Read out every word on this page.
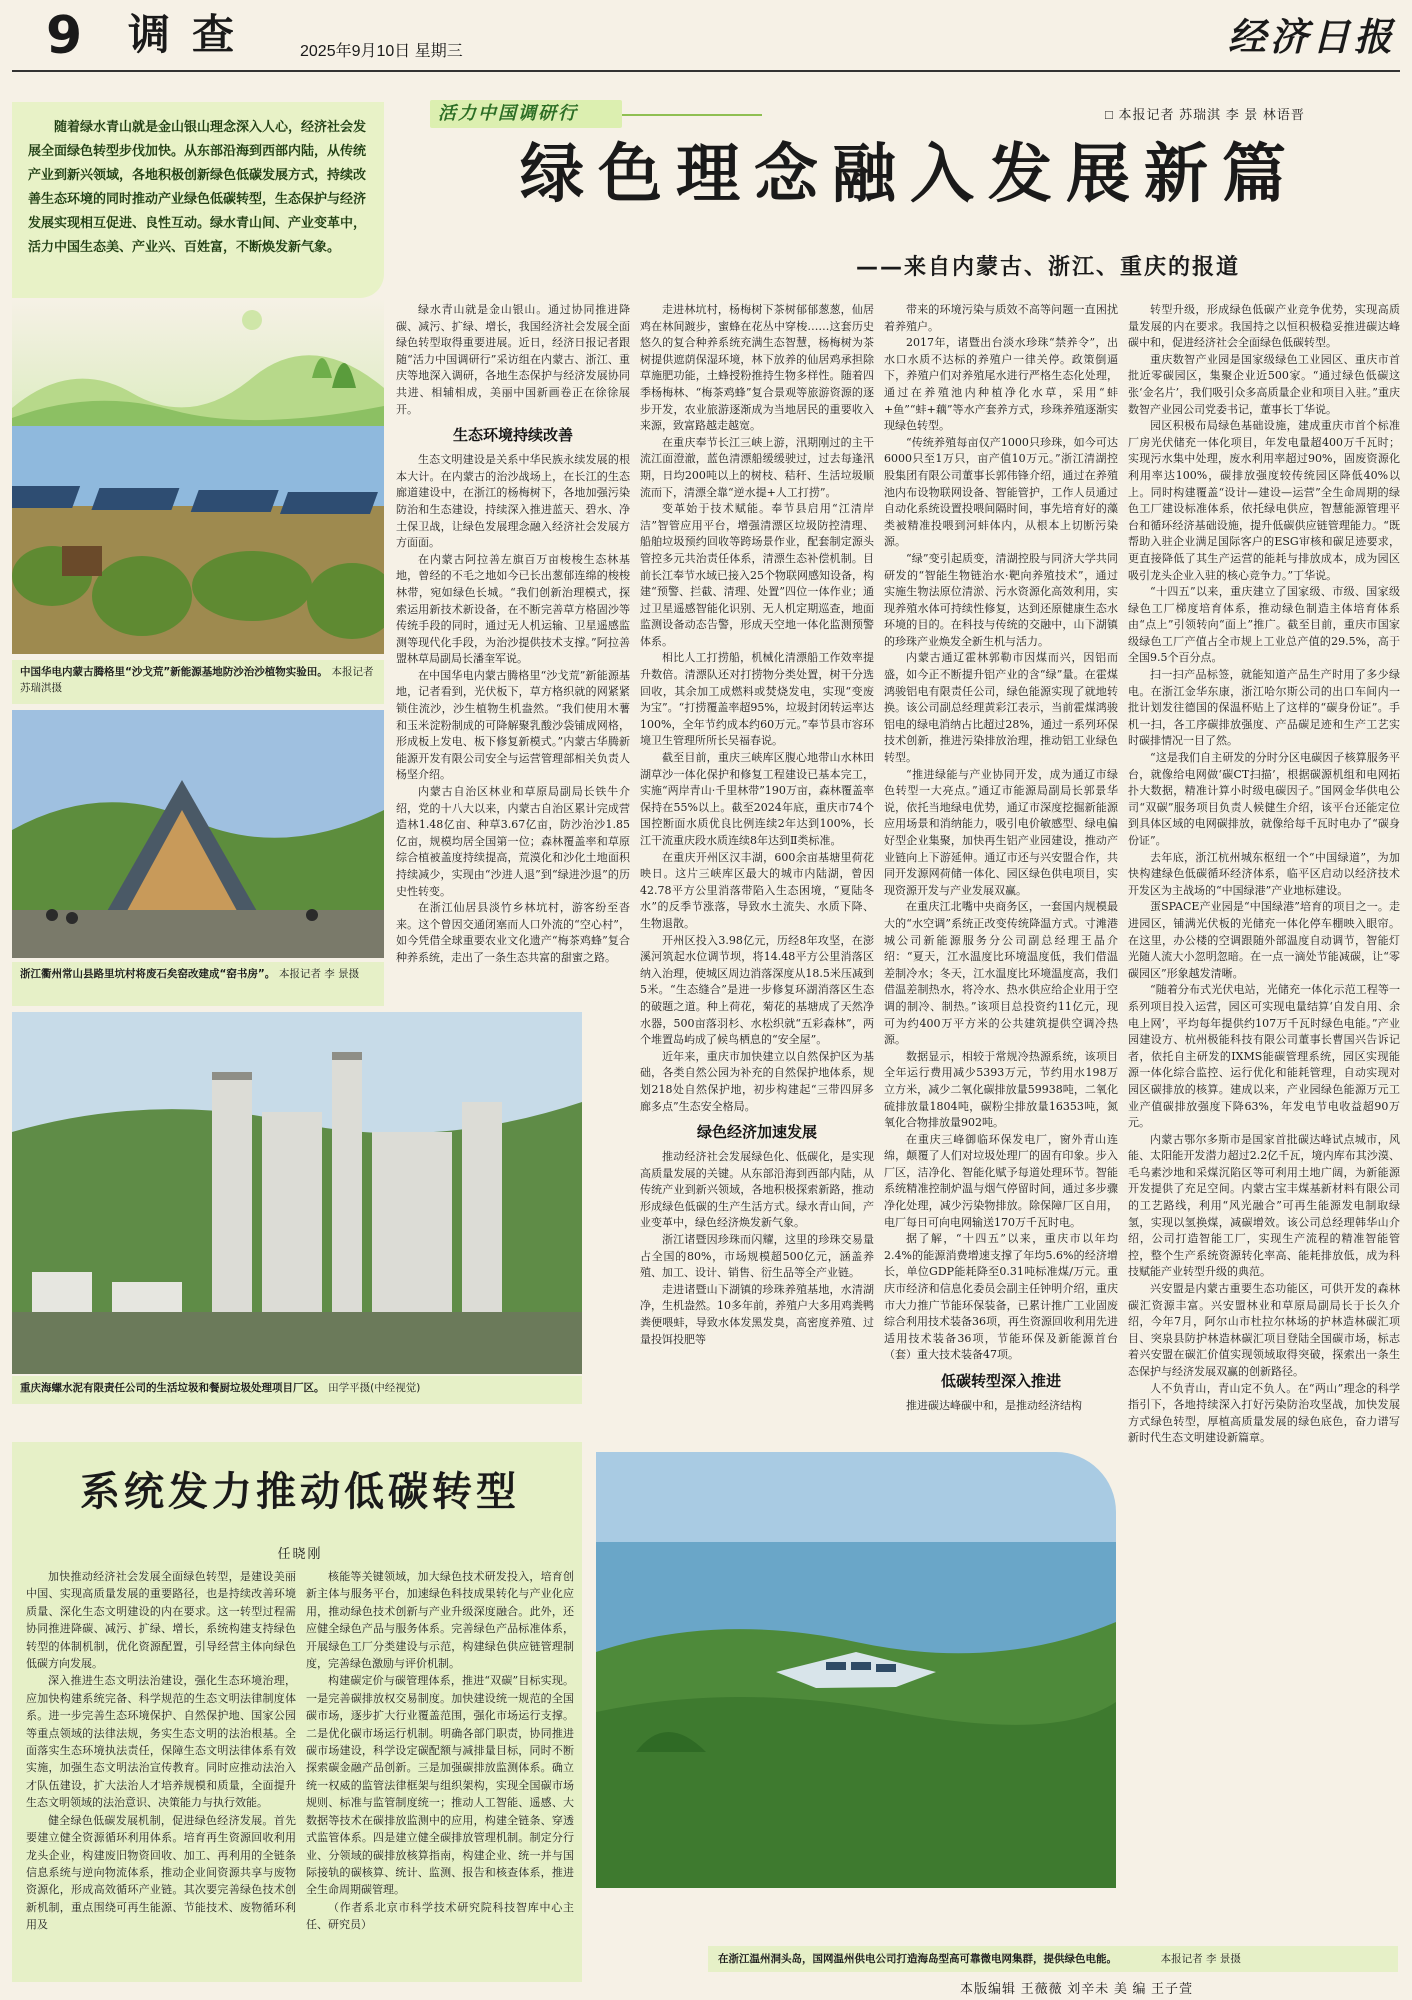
9 调查	2025年9月10日 星期三	经济日报
随着绿水青山就是金山银山理念深入人心，经济社会发展全面绿色转型步伐加快。从东部沿海到西部内陆，从传统产业到新兴领域，各地积极创新绿色低碳发展方式，持续改善生态环境的同时推动产业绿色低碳转型，生态保护与经济发展实现相互促进、良性互动。绿水青山间、产业变革中，活力中国生态美、产业兴、百姓富，不断焕发新气象。
活力中国调研行	□ 本报记者 苏瑞淇 李 景 林语晋
绿色理念融入发展新篇
——来自内蒙古、浙江、重庆的报道
中国华电内蒙古腾格里“沙戈荒”新能源基地防沙治沙植物实验田。 本报记者 苏瑞淇摄
浙江衢州常山县路里坑村将废石矣窑改建成“窑书房”。 本报记者 李 景摄
重庆海螺水泥有限责任公司的生活垃圾和餐厨垃圾处理项目厂区。 田学平摄(中经视觉)

绿水青山就是金山银山。通过协同推进降碳、减污、扩绿、增长，我国经济社会发展全面绿色转型取得重要进展。近日，经济日报记者跟随“活力中国调研行”采访组在内蒙古、浙江、重庆等地深入调研，各地生态保护与经济发展协同共进、相辅相成，美丽中国新画卷正在徐徐展开。

生态环境持续改善

生态文明建设是关系中华民族永续发展的根本大计。在内蒙古的治沙战场上，在长江的生态廊道建设中，在浙江的杨梅树下，各地加强污染防治和生态建设，持续深入推进蓝天、碧水、净土保卫战，让绿色发展理念融入经济社会发展方方面面。

在内蒙古阿拉善左旗百万亩梭梭生态林基地，曾经的不毛之地如今已长出葱郁连绵的梭梭林带，宛如绿色长城。“我们创新治理模式，探索运用新技术新设备，在不断完善草方格固沙等传统手段的同时，通过无人机运输、卫星遥感监测等现代化手段，为治沙提供技术支撑。”阿拉善盟林草局副局长潘奎军说。

在中国华电内蒙古腾格里“沙戈荒”新能源基地，记者看到，光伏板下，草方格织就的网紧紧锁住流沙，沙生植物生机盎然。“我们使用木薯和玉米淀粉制成的可降解聚乳酸沙袋铺成网格，形成板上发电、板下修复新模式。”内蒙古华腾新能源开发有限公司安全与运营管理部相关负责人杨坚介绍。

内蒙古自治区林业和草原局副局长铁牛介绍，党的十八大以来，内蒙古自治区累计完成营造林1.48亿亩、种草3.67亿亩，防沙治沙1.85亿亩，规模均居全国第一位；森林覆盖率和草原综合植被盖度持续提高，荒漠化和沙化土地面积持续减少，实现由“沙进人退”到“绿进沙退”的历史性转变。

在浙江仙居县淡竹乡林坑村，游客纷至沓来。这个曾因交通闭塞而人口外流的“空心村”，如今凭借全球重要农业文化遗产“梅茶鸡蜂”复合种养系统，走出了一条生态共富的甜蜜之路。

走进林坑村，杨梅树下茶树郁郁葱葱，仙居鸡在林间踱步，蜜蜂在花丛中穿梭……这套历史悠久的复合种养系统充满生态智慧，杨梅树为茶树提供遮荫保湿环境，林下放养的仙居鸡承担除草施肥功能，土蜂授粉推持生物多样性。随着四季杨梅林、“梅茶鸡蜂”复合景观等旅游资源的逐步开发，农业旅游逐渐成为当地居民的重要收入来源，致富路越走越宽。

在重庆奉节长江三峡上游，汛期刚过的主干流江面澄澈，蓝色清漂船缓缓驶过，过去每逢汛期，日均200吨以上的树枝、秸秆、生活垃圾顺流而下，清漂全靠“逆水提+人工打捞”。

变革始于技术赋能。奉节县启用“江清岸洁”智管应用平台，增强清漂区垃圾防控清理、船舶垃圾预约回收等跨场景作业，配套制定源头管控多元共治责任体系，清漂生态补偿机制。目前长江奉节水域已接入25个物联网感知设备，构建“预警、拦截、清理、处置”四位一体作业；通过卫星遥感智能化识别、无人机定期巡查，地面监测设备动态告警，形成天空地一体化监测预警体系。

相比人工打捞船，机械化清漂船工作效率提升数倍。清漂队还对打捞物分类处置，树干分选回收，其余加工成燃料或焚烧发电，实现“变废为宝”。“打捞覆盖率超95%，垃圾封闭转运率达100%，全年节约成本约60万元。”奉节县市容环境卫生管理所所长吴福春说。

截至目前，重庆三峡库区腹心地带山水林田湖草沙一体化保护和修复工程建设已基本完工，实施“两岸青山·千里林带”190万亩，森林覆盖率保持在55%以上。截至2024年底，重庆市74个国控断面水质优良比例连续2年达到100%，长江干流重庆段水质连续8年达到Ⅱ类标准。

在重庆开州区汉丰湖，600余亩基塘里荷花映日。这片三峡库区最大的城市内陆湖，曾因42.78平方公里消落带陷入生态困境，“夏陆冬水”的反季节涨落，导致水土流失、水质下降、生物退散。

开州区投入3.98亿元，历经8年攻坚，在澎溪河筑起水位调节坝，将14.48平方公里消落区纳入治理，使城区周边消落深度从18.5米压减到5米。“生态缝合”是进一步修复环湖消落区生态的破题之道。种上荷花，菊花的基塘成了天然净水器，500亩落羽杉、水松织就“五彩森林”，两个堆置岛屿成了候鸟栖息的“安全屋”。

近年来，重庆市加快建立以自然保护区为基础，各类自然公园为补充的自然保护地体系，规划218处自然保护地，初步构建起“三带四屏多廊多点”生态安全格局。

绿色经济加速发展

推动经济社会发展绿色化、低碳化，是实现高质量发展的关键。从东部沿海到西部内陆，从传统产业到新兴领域，各地积极探索新路，推动形成绿色低碳的生产生活方式。绿水青山间，产业变革中，绿色经济焕发新气象。

浙江诸暨因珍珠而闪耀，这里的珍珠交易量占全国的80%，市场规模超500亿元，涵盖养殖、加工、设计、销售、衍生品等全产业链。

走进诸暨山下湖镇的珍珠养殖基地，水清湖净，生机盎然。10多年前，养殖户大多用鸡粪鸭粪便喂蚌，导致水体发黑发臭，高密度养殖、过量投饵投肥等

带来的环境污染与质效不高等问题一直困扰着养殖户。

2017年，诸暨出台淡水珍珠“禁养令”，出水口水质不达标的养殖户一律关停。政策倒逼下，养殖户们对养殖尾水进行严格生态化处理，通过在养殖池内种植净化水草，采用“蚌+鱼”“蚌+藕”等水产套养方式，珍珠养殖逐渐实现绿色转型。

“传统养殖每亩仅产1000只珍珠，如今可达6000只至1万只，亩产值10万元。”浙江清湖控股集团有限公司董事长郭伟锋介绍，通过在养殖池内布设物联网设备、智能管护，工作人员通过自动化系统设置投喂间隔时间，事先培育好的藻类被精准投喂到河蚌体内，从根本上切断污染源。

“绿”变引起质变，清湖控股与同济大学共同研发的“智能生物链治水·靶向养殖技术”，通过实施生物法原位清淤、污水资源化高效利用，实现养殖水体可持续性修复，达到还原健康生态水环境的目的。在科技与传统的交融中，山下湖镇的珍珠产业焕发全新生机与活力。

内蒙古通辽霍林郭勒市因煤而兴，因铝而盛，如今正不断提升铝产业的含“绿”量。在霍煤鸿骏铝电有限责任公司，绿色能源实现了就地转换。该公司副总经理黄彩江表示，当前霍煤鸿骏铝电的绿电消纳占比超过28%，通过一系列环保技术创新，推进污染排放治理，推动铝工业绿色转型。

“推进绿能与产业协同开发，成为通辽市绿色转型一大亮点。”通辽市能源局副局长郭景华说，依托当地绿电优势，通辽市深度挖掘新能源应用场景和消纳能力，吸引电价敏感型、绿电偏好型企业集聚，加快再生铝产业园建设，推动产业链向上下游延伸。通辽市还与兴安盟合作，共同开发源网荷储一体化、园区绿色供电项目，实现资源开发与产业发展双赢。

在重庆江北嘴中央商务区，一套国内规模最大的“水空调”系统正改变传统降温方式。寸滩港城公司新能源服务分公司副总经理王晶介绍：“夏天，江水温度比环境温度低，我们借温差制冷水；冬天，江水温度比环境温度高，我们借温差制热水，将冷水、热水供应给企业用于空调的制冷、制热。”该项目总投资约11亿元，现可为约400万平方米的公共建筑提供空调冷热源。

数据显示，相较于常规冷热源系统，该项目全年运行费用减少5393万元，节约用水198万立方米，减少二氧化碳排放量59938吨，二氧化硫排放量1804吨，碳粉尘排放量16353吨，氮氧化合物排放量902吨。

在重庆三峰御临环保发电厂，窗外青山连绵，颠覆了人们对垃圾处理厂的固有印象。步入厂区，洁净化、智能化赋予每道处理环节。智能系统精准控制炉温与烟气停留时间，通过多步骤净化处理，减少污染物排放。除保障厂区自用，电厂每日可向电网输送170万千瓦时电。

据了解，“十四五”以来，重庆市以年均2.4%的能源消费增速支撑了年均5.6%的经济增长，单位GDP能耗降至0.31吨标准煤/万元。重庆市经济和信息化委员会副主任钟明介绍，重庆市大力推广节能环保装备，已累计推广工业固废综合利用技术装备36项，再生资源回收利用先进适用技术装备36项，节能环保及新能源首台（套）重大技术装备47项。

低碳转型深入推进

推进碳达峰碳中和，是推动经济结构

转型升级，形成绿色低碳产业竞争优势，实现高质量发展的内在要求。我国持之以恒积极稳妥推进碳达峰碳中和，促进经济社会全面绿色低碳转型。

重庆数智产业园是国家级绿色工业园区、重庆市首批近零碳园区，集聚企业近500家。“通过绿色低碳这张‘金名片’，我们吸引众多高质量企业和项目入驻。”重庆数智产业园公司党委书记，董事长丁华说。

园区积极布局绿色基础设施，建成重庆市首个标准厂房光伏储充一体化项目，年发电量超400万千瓦时；实现污水集中处理，废水利用率超过90%，固废资源化利用率达100%，碳排放强度较传统园区降低40%以上。同时构建覆盖“设计—建设—运营”全生命周期的绿色工厂建设标准体系，依托绿电供应，智慧能源管理平台和循环经济基础设施，提升低碳供应链管理能力。“既帮助入驻企业满足国际客户的ESG审核和碳足迹要求，更直接降低了其生产运营的能耗与排放成本，成为园区吸引龙头企业入驻的核心竞争力。”丁华说。

“十四五”以来，重庆建立了国家级、市级、国家级绿色工厂梯度培育体系，推动绿色制造主体培育体系由“点上”引领转向“面上”推广。截至目前，重庆市国家级绿色工厂产值占全市规上工业总产值的29.5%，高于全国9.5个百分点。

扫一扫产品标签，就能知道产品生产时用了多少绿电。在浙江金华东康，浙江哈尔斯公司的出口车间内一批计划发往德国的保温杯贴上了这样的“碳身份证”。手机一扫，各工序碳排放强度、产品碳足迹和生产工艺实时碳排情况一目了然。

“这是我们自主研发的分时分区电碳因子核算服务平台，就像给电网做‘碳CT扫描’，根据碳源机组和电网拓扑大数据，精准计算小时级电碳因子。”国网金华供电公司“双碳”服务项目负责人候健生介绍，该平台还能定位到具体区域的电网碳排放，就像给每千瓦时电办了“碳身份证”。

去年底，浙江杭州城东枢纽一个“中国绿道”，为加快构建绿色低碳循环经济体系，临平区启动以经济技术开发区为主战场的“中国绿港”产业地标建设。

蛋SPACE产业园是“中国绿港”培育的项目之一。走进园区，铺满光伏板的光储充一体化停车棚映入眼帘。在这里，办公楼的空调跟随外部温度自动调节，智能灯光随人流大小忽明忽暗。在一点一滴处节能减碳，让“零碳园区”形象越发清晰。

“随着分布式光伏电站，光储充一体化示范工程等一系列项目投入运营，园区可实现电量结算‘自发自用、余电上网’，平均每年提供约107万千瓦时绿色电能。”产业园建设方、杭州极能科技有限公司董事长曹国兴告诉记者，依托自主研发的IXMS能碳管理系统，园区实现能源一体化综合监控、运行优化和能耗管理，自动实现对园区碳排放的核算。建成以来，产业园绿色能源万元工业产值碳排放强度下降63%，年发电节电收益超90万元。

内蒙古鄂尔多斯市是国家首批碳达峰试点城市，风能、太阳能开发潜力超过2.2亿千瓦，境内库布其沙漠、毛乌素沙地和采煤沉陷区等可利用土地广阔，为新能源开发提供了充足空间。内蒙古宝丰煤基新材料有限公司的工艺路线，利用“风光融合”可再生能源发电制取绿氢，实现以氢换煤，减碳增效。该公司总经理韩华山介绍，公司打造智能工厂，实现生产流程的精准智能管控，整个生产系统资源转化率高、能耗排放低，成为科技赋能产业转型升级的典范。

兴安盟是内蒙古重要生态功能区，可供开发的森林碳汇资源丰富。兴安盟林业和草原局副局长于长久介绍，今年7月，阿尔山市杜拉尔林场的护林造林碳汇项目、突泉县防护林造林碳汇项目登陆全国碳市场，标志着兴安盟在碳汇价值实现领域取得突破，探索出一条生态保护与经济发展双赢的创新路径。

人不负青山，青山定不负人。在“两山”理念的科学指引下，各地持续深入打好污染防治攻坚战，加快发展方式绿色转型，厚植高质量发展的绿色底色，奋力谱写新时代生态文明建设新篇章。

在浙江温州洞头岛，国网温州供电公司打造海岛型高可靠微电网集群，提供绿色电能。	本报记者 李 景摄
系统发力推动低碳转型
任晓刚

加快推动经济社会发展全面绿色转型，是建设美丽中国、实现高质量发展的重要路径，也是持续改善环境质量、深化生态文明建设的内在要求。这一转型过程需协同推进降碳、减污、扩绿、增长，系统构建支持绿色转型的体制机制，优化资源配置，引导经营主体向绿色低碳方向发展。

深入推进生态文明法治建设，强化生态环境治理，应加快构建系统完备、科学规范的生态文明法律制度体系。进一步完善生态环境保护、自然保护地、国家公园等重点领域的法律法规，务实生态文明的法治根基。全面落实生态环境执法责任，保障生态文明法律体系有效实施，加强生态文明法治宣传教育。同时应推动法治入才队伍建设，扩大法治人才培养规模和质量，全面提升生态文明领域的法治意识、决策能力与执行效能。

健全绿色低碳发展机制，促进绿色经济发展。首先要建立健全资源循环利用体系。培育再生资源回收利用龙头企业，构建废旧物资回收、加工、再利用的全链条信息系统与逆向物流体系，推动企业间资源共享与废物资源化，形成高效循环产业链。其次要完善绿色技术创新机制，重点围绕可再生能源、节能技术、废物循环利用及

核能等关键领域，加大绿色技术研发投入，培育创新主体与服务平台，加速绿色科技成果转化与产业化应用，推动绿色技术创新与产业升级深度融合。此外，还应健全绿色产品与服务体系。完善绿色产品标准体系，开展绿色工厂分类建设与示范，构建绿色供应链管理制度，完善绿色激励与评价机制。

构建碳定价与碳管理体系，推进“双碳”目标实现。一是完善碳排放权交易制度。加快建设统一规范的全国碳市场，逐步扩大行业覆盖范围，强化市场运行支撑。二是优化碳市场运行机制。明确各部门职责，协同推进碳市场建设，科学设定碳配额与减排量目标，同时不断探索碳金融产品创新。三是加强碳排放监测体系。确立统一权威的监管法律框架与组织架构，实现全国碳市场规则、标准与监管制度统一；推动人工智能、遥感、大数据等技术在碳排放监测中的应用，构建全链条、穿透式监管体系。四是建立健全碳排放管理机制。制定分行业、分领域的碳排放核算指南，构建企业、统一并与国际接轨的碳核算、统计、监测、报告和核查体系，推进全生命周期碳管理。

（作者系北京市科学技术研究院科技智库中心主任、研究员）

本版编辑 王薇薇 刘辛未 美 编 王子萱
